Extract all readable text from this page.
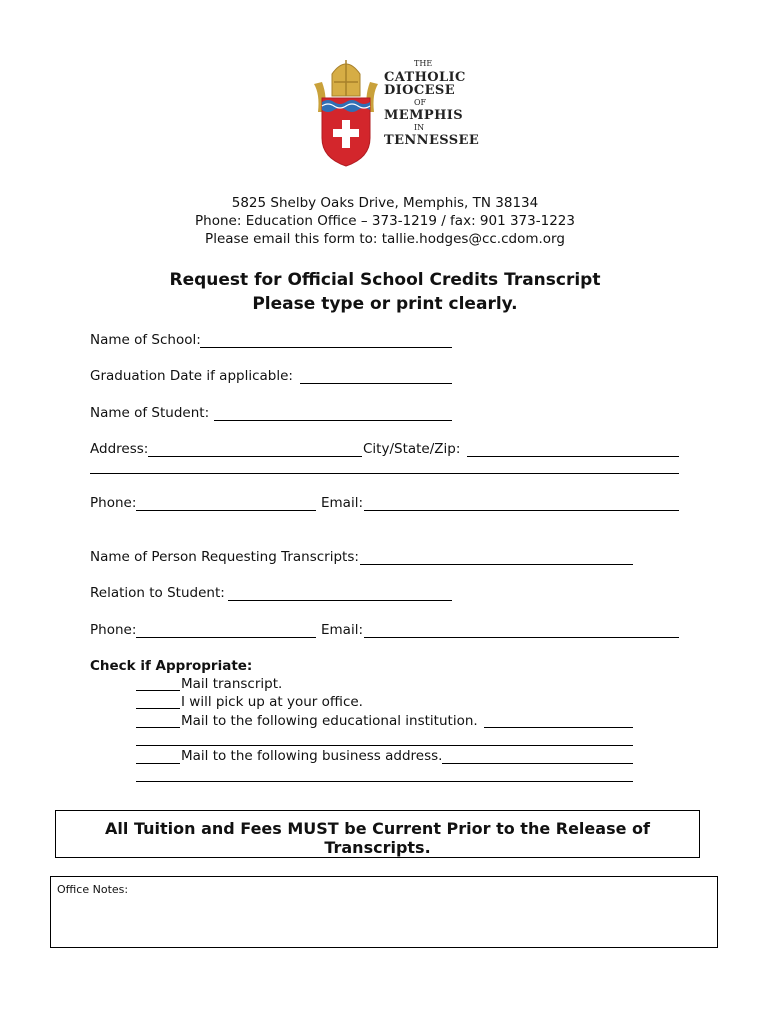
THE
CATHOLIC
DIOCESE
OF
MEMPHIS
IN
TENNESSEE
5825 Shelby Oaks Drive, Memphis, TN 38134
Phone: Education Office – 373-1219 / fax: 901 373-1223
Please email this form to: tallie.hodges@cc.cdom.org
Request for Official School Credits Transcript
Please type or print clearly.
Name of School:
Graduation Date if applicable:
Name of Student:
Address:	City/State/Zip:
Phone:	Email:
Name of Person Requesting Transcripts:
Relation to Student:
Phone:	Email:
Check if Appropriate:
Mail transcript.
I will pick up at your office.
Mail to the following educational institution.
Mail to the following business address.
All Tuition and Fees MUST be Current Prior to the Release of Transcripts.
Office Notes:
